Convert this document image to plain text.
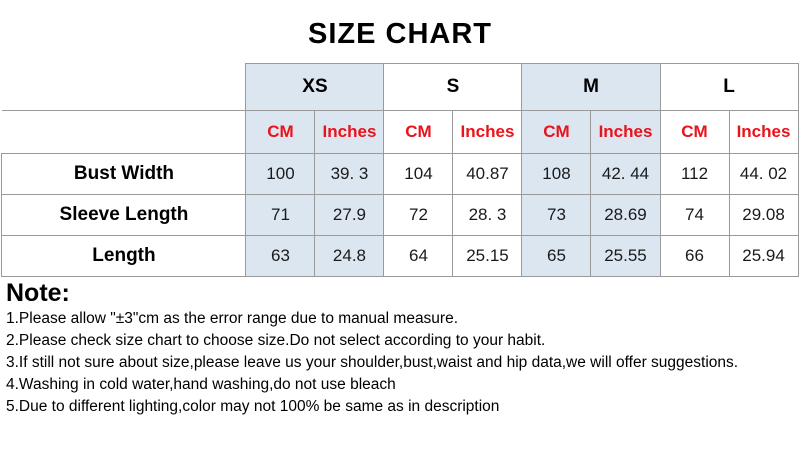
SIZE CHART
	XS		S		M		L	
	CM	Inches	CM	Inches	CM	Inches	CM	Inches
Bust Width	100	39. 3	104	40.87	108	42. 44	112	44. 02
Sleeve Length	71	27.9	72	28. 3	73	28.69	74	29.08
Length	63	24.8	64	25.15	65	25.55	66	25.94
Note:
1.Please allow "±3"cm as the error range due to manual measure.
2.Please check size chart to choose size.Do not select according to your habit.
3.If still not sure about size,please leave us your shoulder,bust,waist and hip data,we will offer suggestions.
4.Washing in cold water,hand washing,do not use bleach
5.Due to different lighting,color may not 100% be same as in description
